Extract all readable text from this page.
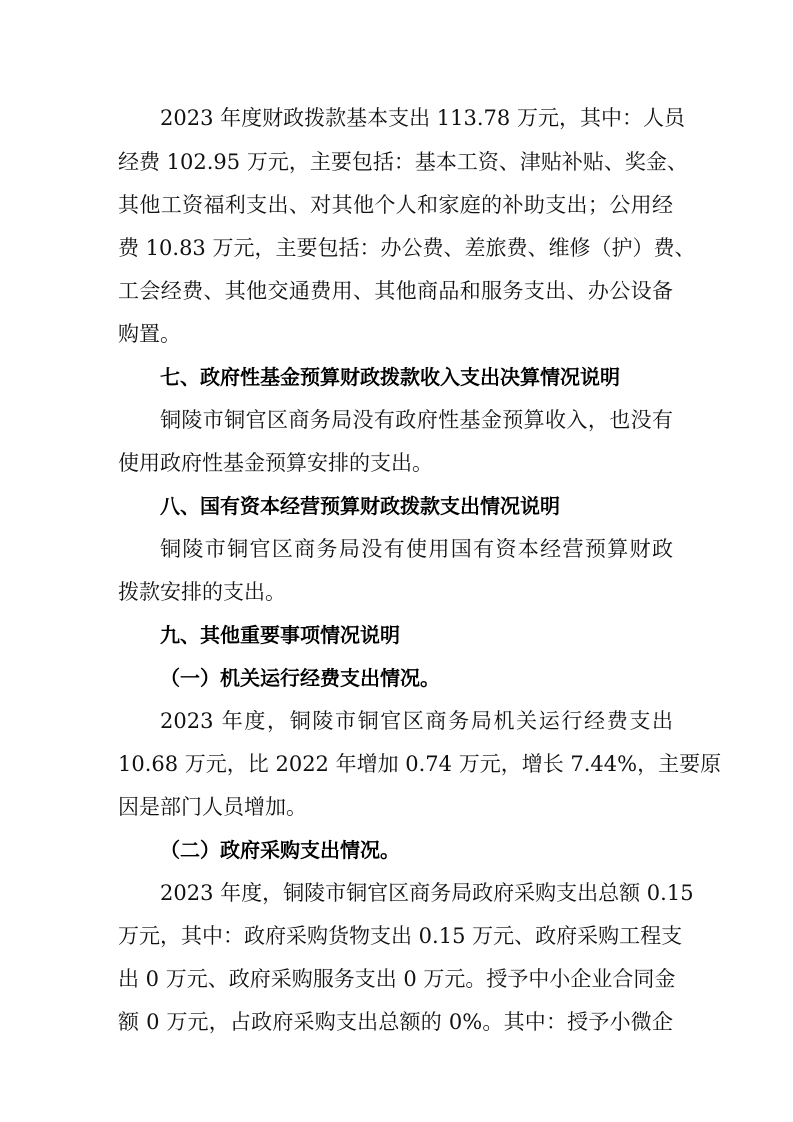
2023 年度财政拨款基本支出 113.78 万元，其中：人员
经费 102.95 万元，主要包括：基本工资、津贴补贴、奖金、
其他工资福利支出、对其他个人和家庭的补助支出；公用经
费 10.83 万元，主要包括：办公费、差旅费、维修（护）费、
工会经费、其他交通费用、其他商品和服务支出、办公设备
购置。
七、政府性基金预算财政拨款收入支出决算情况说明
铜陵市铜官区商务局没有政府性基金预算收入，也没有
使用政府性基金预算安排的支出。
八、国有资本经营预算财政拨款支出情况说明
铜陵市铜官区商务局没有使用国有资本经营预算财政
拨款安排的支出。
九、其他重要事项情况说明
（一）机关运行经费支出情况。
2023 年度，铜陵市铜官区商务局机关运行经费支出
10.68 万元，比 2022 年增加 0.74 万元，增长 7.44%，主要原
因是部门人员增加。
（二）政府采购支出情况。
2023 年度，铜陵市铜官区商务局政府采购支出总额 0.15
万元，其中：政府采购货物支出 0.15 万元、政府采购工程支
出 0 万元、政府采购服务支出 0 万元。授予中小企业合同金
额 0 万元，占政府采购支出总额的 0%。其中：授予小微企
